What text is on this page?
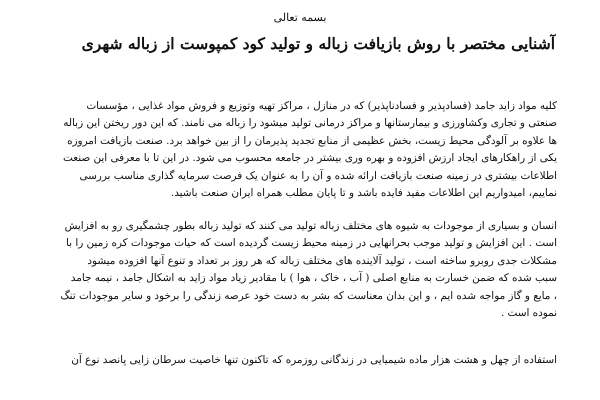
بسمه تعالی
آشنایی مختصر با روش بازیافت زباله و تولید کود کمپوست از زباله شهری
کلیه مواد زاید جامد (فسادپذیر و فسادناپذیر) که در منازل ، مراکز تهیه وتوزیع و فروش مواد غذایی ، مؤسسات
صنعتی و تجاری وکشاورزی و بیمارستانها و مراکز درمانی تولید میشود را زباله می نامند. که این دور ریختن این زباله
ها علاوه بر آلودگی محیط زیست، بخش عظیمی از منابع تجدید پذیرمان را از بین خواهد برد. صنعت بازیافت امروزه
یکی از راهکارهای ایجاد ارزش افزوده و بهره وری بیشتر در جامعه محسوب می شود. در این تا با معرفی این صنعت
اطلاعات بیشتری در زمینه صنعت بازیافت ارائه شده و آن را به عنوان یک فرصت سرمایه گذاری مناسب بررسی
نماییم، امیدواریم این اطلاعات مفید فایده باشد و تا پایان مطلب همراه ایران صنعت باشید.
انسان و بسیاری از موجودات به شیوه های مختلف زباله تولید می کنند که تولید زباله بطور چشمگیری رو به افزایش
است . این افزایش و تولید موجب بحرانهایی در زمینه محیط زیست گردیده است که حیات موجودات کره زمین را با
مشکلات جدی روبرو ساخته است ، تولید آلاینده های مختلف زباله که هر روز بر تعداد و تنوع آنها افزوده میشود
سبب شده که ضمن خسارت به منابع اصلی ( آب ، خاک ، هوا ) با مقادیر زیاد مواد زاید به اشکال جامد ، نیمه جامد
، مایع و گاز مواجه شده ایم ، و این بدان معناست که بشر به دست خود عرصه زندگی را برخود و سایر موجودات تنگ
نموده است .
استفاده از چهل و هشت هزار ماده شیمیایی در زندگانی روزمره که تاکنون تنها خاصیت سرطان زایی پانصد نوع آن
